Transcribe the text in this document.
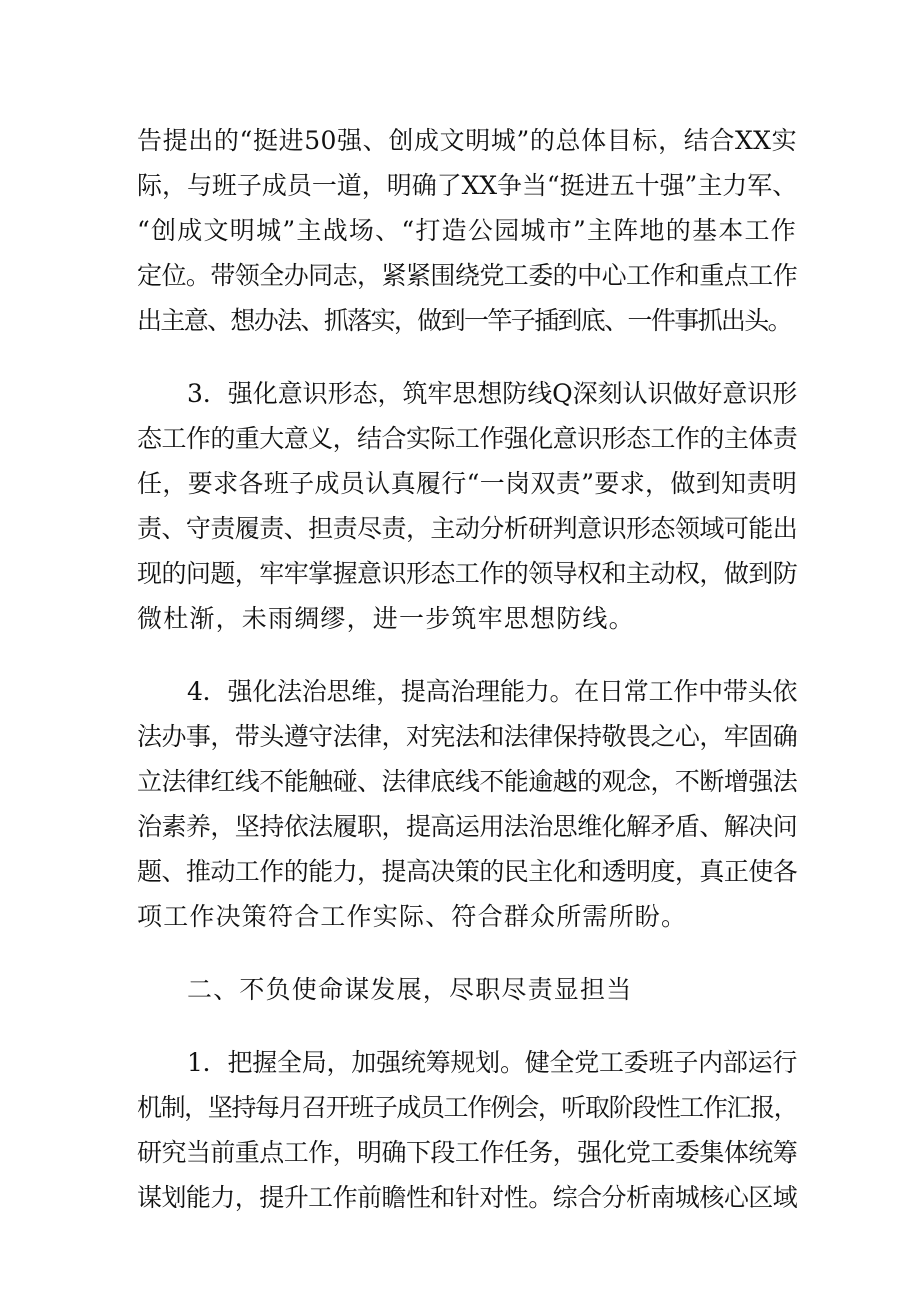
告提出的“挺进50强、创成文明城”的总体目标，结合XX实
际，与班子成员一道，明确了XX争当“挺进五十强”主力军、
“创成文明城”主战场、“打造公园城市”主阵地的基本工作
定位。带领全办同志，紧紧围绕党工委的中心工作和重点工作
出主意、想办法、抓落实，做到一竿子插到底、一件事抓出头。
3．强化意识形态，筑牢思想防线Q深刻认识做好意识形
态工作的重大意义，结合实际工作强化意识形态工作的主体责
任，要求各班子成员认真履行“一岗双责”要求，做到知责明
责、守责履责、担责尽责，主动分析研判意识形态领域可能出
现的问题，牢牢掌握意识形态工作的领导权和主动权，做到防
微杜渐，未雨绸缪，进一步筑牢思想防线。
4．强化法治思维，提高治理能力。在日常工作中带头依
法办事，带头遵守法律，对宪法和法律保持敬畏之心，牢固确
立法律红线不能触碰、法律底线不能逾越的观念，不断增强法
治素养，坚持依法履职，提高运用法治思维化解矛盾、解决问
题、推动工作的能力，提高决策的民主化和透明度，真正使各
项工作决策符合工作实际、符合群众所需所盼。
二、不负使命谋发展，尽职尽责显担当
1．把握全局，加强统筹规划。健全党工委班子内部运行
机制，坚持每月召开班子成员工作例会，听取阶段性工作汇报，
研究当前重点工作，明确下段工作任务，强化党工委集体统筹
谋划能力，提升工作前瞻性和针对性。综合分析南城核心区域
